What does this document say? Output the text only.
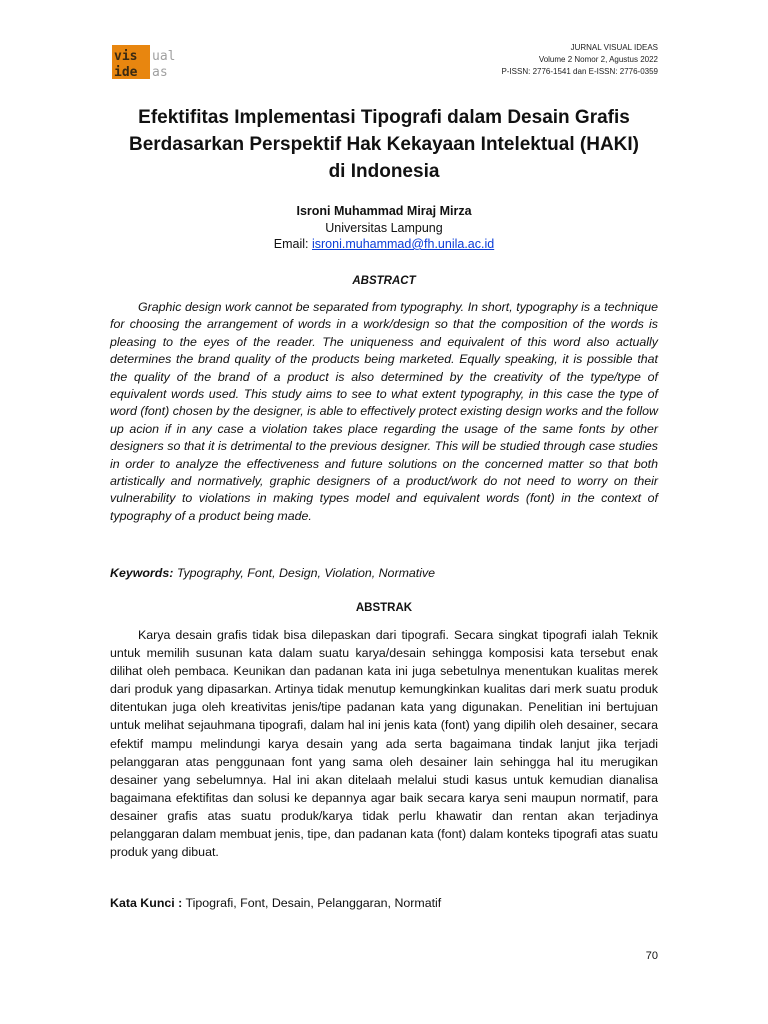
vis ual
ide as
JURNAL VISUAL IDEAS
Volume 2 Nomor 2, Agustus 2022
P-ISSN: 2776-1541 dan E-ISSN: 2776-0359
Efektifitas Implementasi Tipografi dalam Desain Grafis
Berdasarkan Perspektif Hak Kekayaan Intelektual (HAKI)
di Indonesia
Isroni Muhammad Miraj Mirza
Universitas Lampung
Email: isroni.muhammad@fh.unila.ac.id
ABSTRACT
Graphic design work cannot be separated from typography. In short, typography is a technique for choosing the arrangement of words in a work/design so that the composition of the words is pleasing to the eyes of the reader. The uniqueness and equivalent of this word also actually determines the brand quality of the products being marketed. Equally speaking, it is possible that the quality of the brand of a product is also determined by the creativity of the type/type of equivalent words used. This study aims to see to what extent typography, in this case the type of word (font) chosen by the designer, is able to effectively protect existing design works and the follow up acion if in any case a violation takes place regarding the usage of the same fonts by other designers so that it is detrimental to the previous designer. This will be studied through case studies in order to analyze the effectiveness and future solutions on the concerned matter so that both artistically and normatively, graphic designers of a product/work do not need to worry on their vulnerability to violations in making types model and equivalent words (font) in the context of typography of a product being made.
Keywords: Typography, Font, Design, Violation, Normative
ABSTRAK
Karya desain grafis tidak bisa dilepaskan dari tipografi. Secara singkat tipografi ialah Teknik untuk memilih susunan kata dalam suatu karya/desain sehingga komposisi kata tersebut enak dilihat oleh pembaca. Keunikan dan padanan kata ini juga sebetulnya menentukan kualitas merek dari produk yang dipasarkan. Artinya tidak menutup kemungkinkan kualitas dari merk suatu produk ditentukan juga oleh kreativitas jenis/tipe padanan kata yang digunakan. Penelitian ini bertujuan untuk melihat sejauhmana tipografi, dalam hal ini jenis kata (font) yang dipilih oleh desainer, secara efektif mampu melindungi karya desain yang ada serta bagaimana tindak lanjut jika terjadi pelanggaran atas penggunaan font yang sama oleh desainer lain sehingga hal itu merugikan desainer yang sebelumnya. Hal ini akan ditelaah melalui studi kasus untuk kemudian dianalisa bagaimana efektifitas dan solusi ke depannya agar baik secara karya seni maupun normatif, para desainer grafis atas suatu produk/karya tidak perlu khawatir dan rentan akan terjadinya pelanggaran dalam membuat jenis, tipe, dan padanan kata (font) dalam konteks tipografi atas suatu produk yang dibuat.
Kata Kunci : Tipografi, Font, Desain, Pelanggaran, Normatif
70
